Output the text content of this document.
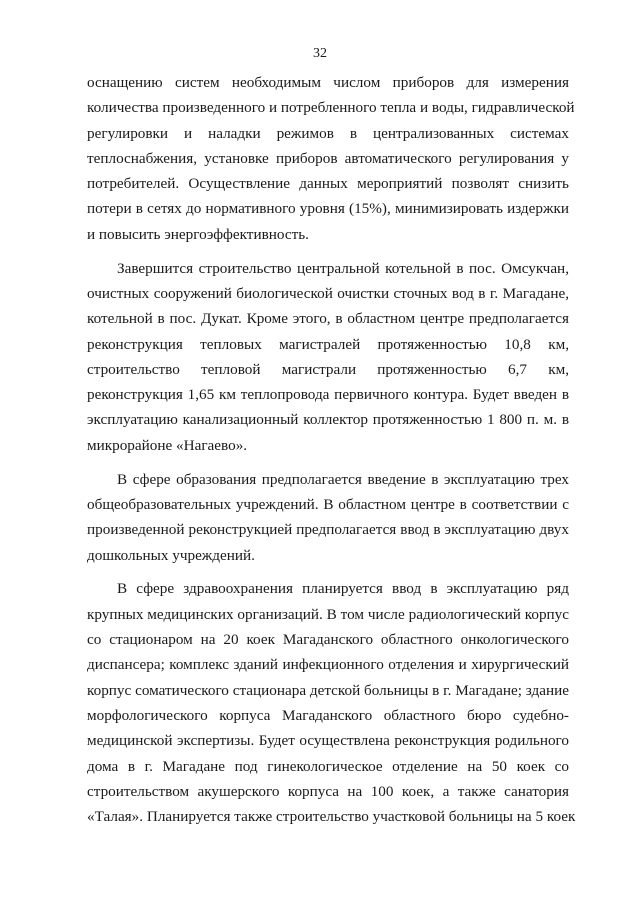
32
оснащению систем необходимым числом приборов для измерения
количества произведенного и потребленного тепла и воды, гидравлической
регулировки и наладки режимов в централизованных системах
теплоснабжения, установке приборов автоматического регулирования у
потребителей. Осуществление данных мероприятий позволят снизить
потери в сетях до нормативного уровня (15%), минимизировать издержки
и повысить энергоэффективность.
Завершится строительство центральной котельной в пос. Омсукчан,
очистных сооружений биологической очистки сточных вод в г. Магадане,
котельной в пос. Дукат. Кроме этого, в областном центре предполагается
реконструкция тепловых магистралей протяженностью 10,8 км,
строительство тепловой магистрали протяженностью 6,7 км,
реконструкция 1,65 км теплопровода первичного контура. Будет введен в
эксплуатацию канализационный коллектор протяженностью 1 800 п. м. в
микрорайоне «Нагаево».
В сфере образования предполагается введение в эксплуатацию трех
общеобразовательных учреждений. В областном центре в соответствии с
произведенной реконструкцией предполагается ввод в эксплуатацию двух
дошкольных учреждений.
В сфере здравоохранения планируется ввод в эксплуатацию ряд
крупных медицинских организаций. В том числе радиологический корпус
со стационаром на 20 коек Магаданского областного онкологического
диспансера; комплекс зданий инфекционного отделения и хирургический
корпус соматического стационара детской больницы в г. Магадане; здание
морфологического корпуса Магаданского областного бюро судебно-
медицинской экспертизы. Будет осуществлена реконструкция родильного
дома в г. Магадане под гинекологическое отделение на 50 коек со
строительством акушерского корпуса на 100 коек, а также санатория
«Талая». Планируется также строительство участковой больницы на 5 коек
